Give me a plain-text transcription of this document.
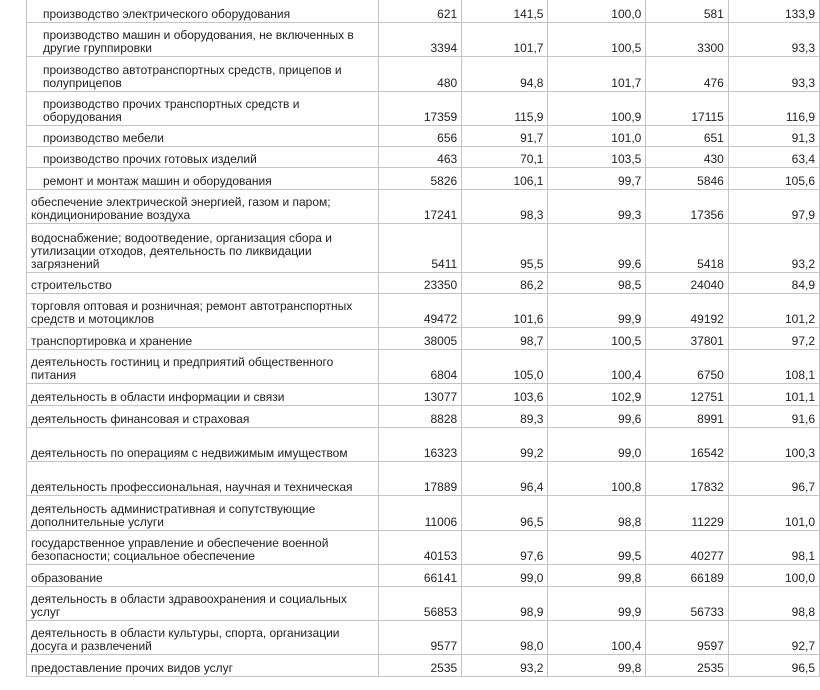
производство электрического оборудования	621	141,5	100,0	581	133,9
производство машин и оборудования, не включенных в другие группировки	3394	101,7	100,5	3300	93,3
производство автотранспортных средств, прицепов и полуприцепов	480	94,8	101,7	476	93,3
производство прочих транспортных средств и оборудования	17359	115,9	100,9	17115	116,9
производство мебели	656	91,7	101,0	651	91,3
производство прочих готовых изделий	463	70,1	103,5	430	63,4
ремонт и монтаж машин и оборудования	5826	106,1	99,7	5846	105,6
обеспечение электрической энергией, газом и паром; кондиционирование воздуха	17241	98,3	99,3	17356	97,9
водоснабжение; водоотведение, организация сбора и утилизации отходов, деятельность по ликвидации загрязнений	5411	95,5	99,6	5418	93,2
строительство	23350	86,2	98,5	24040	84,9
торговля оптовая и розничная; ремонт автотранспортных средств и мотоциклов	49472	101,6	99,9	49192	101,2
транспортировка и хранение	38005	98,7	100,5	37801	97,2
деятельность гостиниц и предприятий общественного питания	6804	105,0	100,4	6750	108,1
деятельность в области информации и связи	13077	103,6	102,9	12751	101,1
деятельность финансовая и страховая	8828	89,3	99,6	8991	91,6
деятельность по операциям с недвижимым имуществом	16323	99,2	99,0	16542	100,3
деятельность профессиональная, научная и техническая	17889	96,4	100,8	17832	96,7
деятельность административная и сопутствующие дополнительные услуги	11006	96,5	98,8	11229	101,0
государственное управление и обеспечение военной безопасности; социальное обеспечение	40153	97,6	99,5	40277	98,1
образование	66141	99,0	99,8	66189	100,0
деятельность в области здравоохранения и социальных услуг	56853	98,9	99,9	56733	98,8
деятельность в области культуры, спорта, организации досуга и развлечений	9577	98,0	100,4	9597	92,7
предоставление прочих видов услуг	2535	93,2	99,8	2535	96,5
